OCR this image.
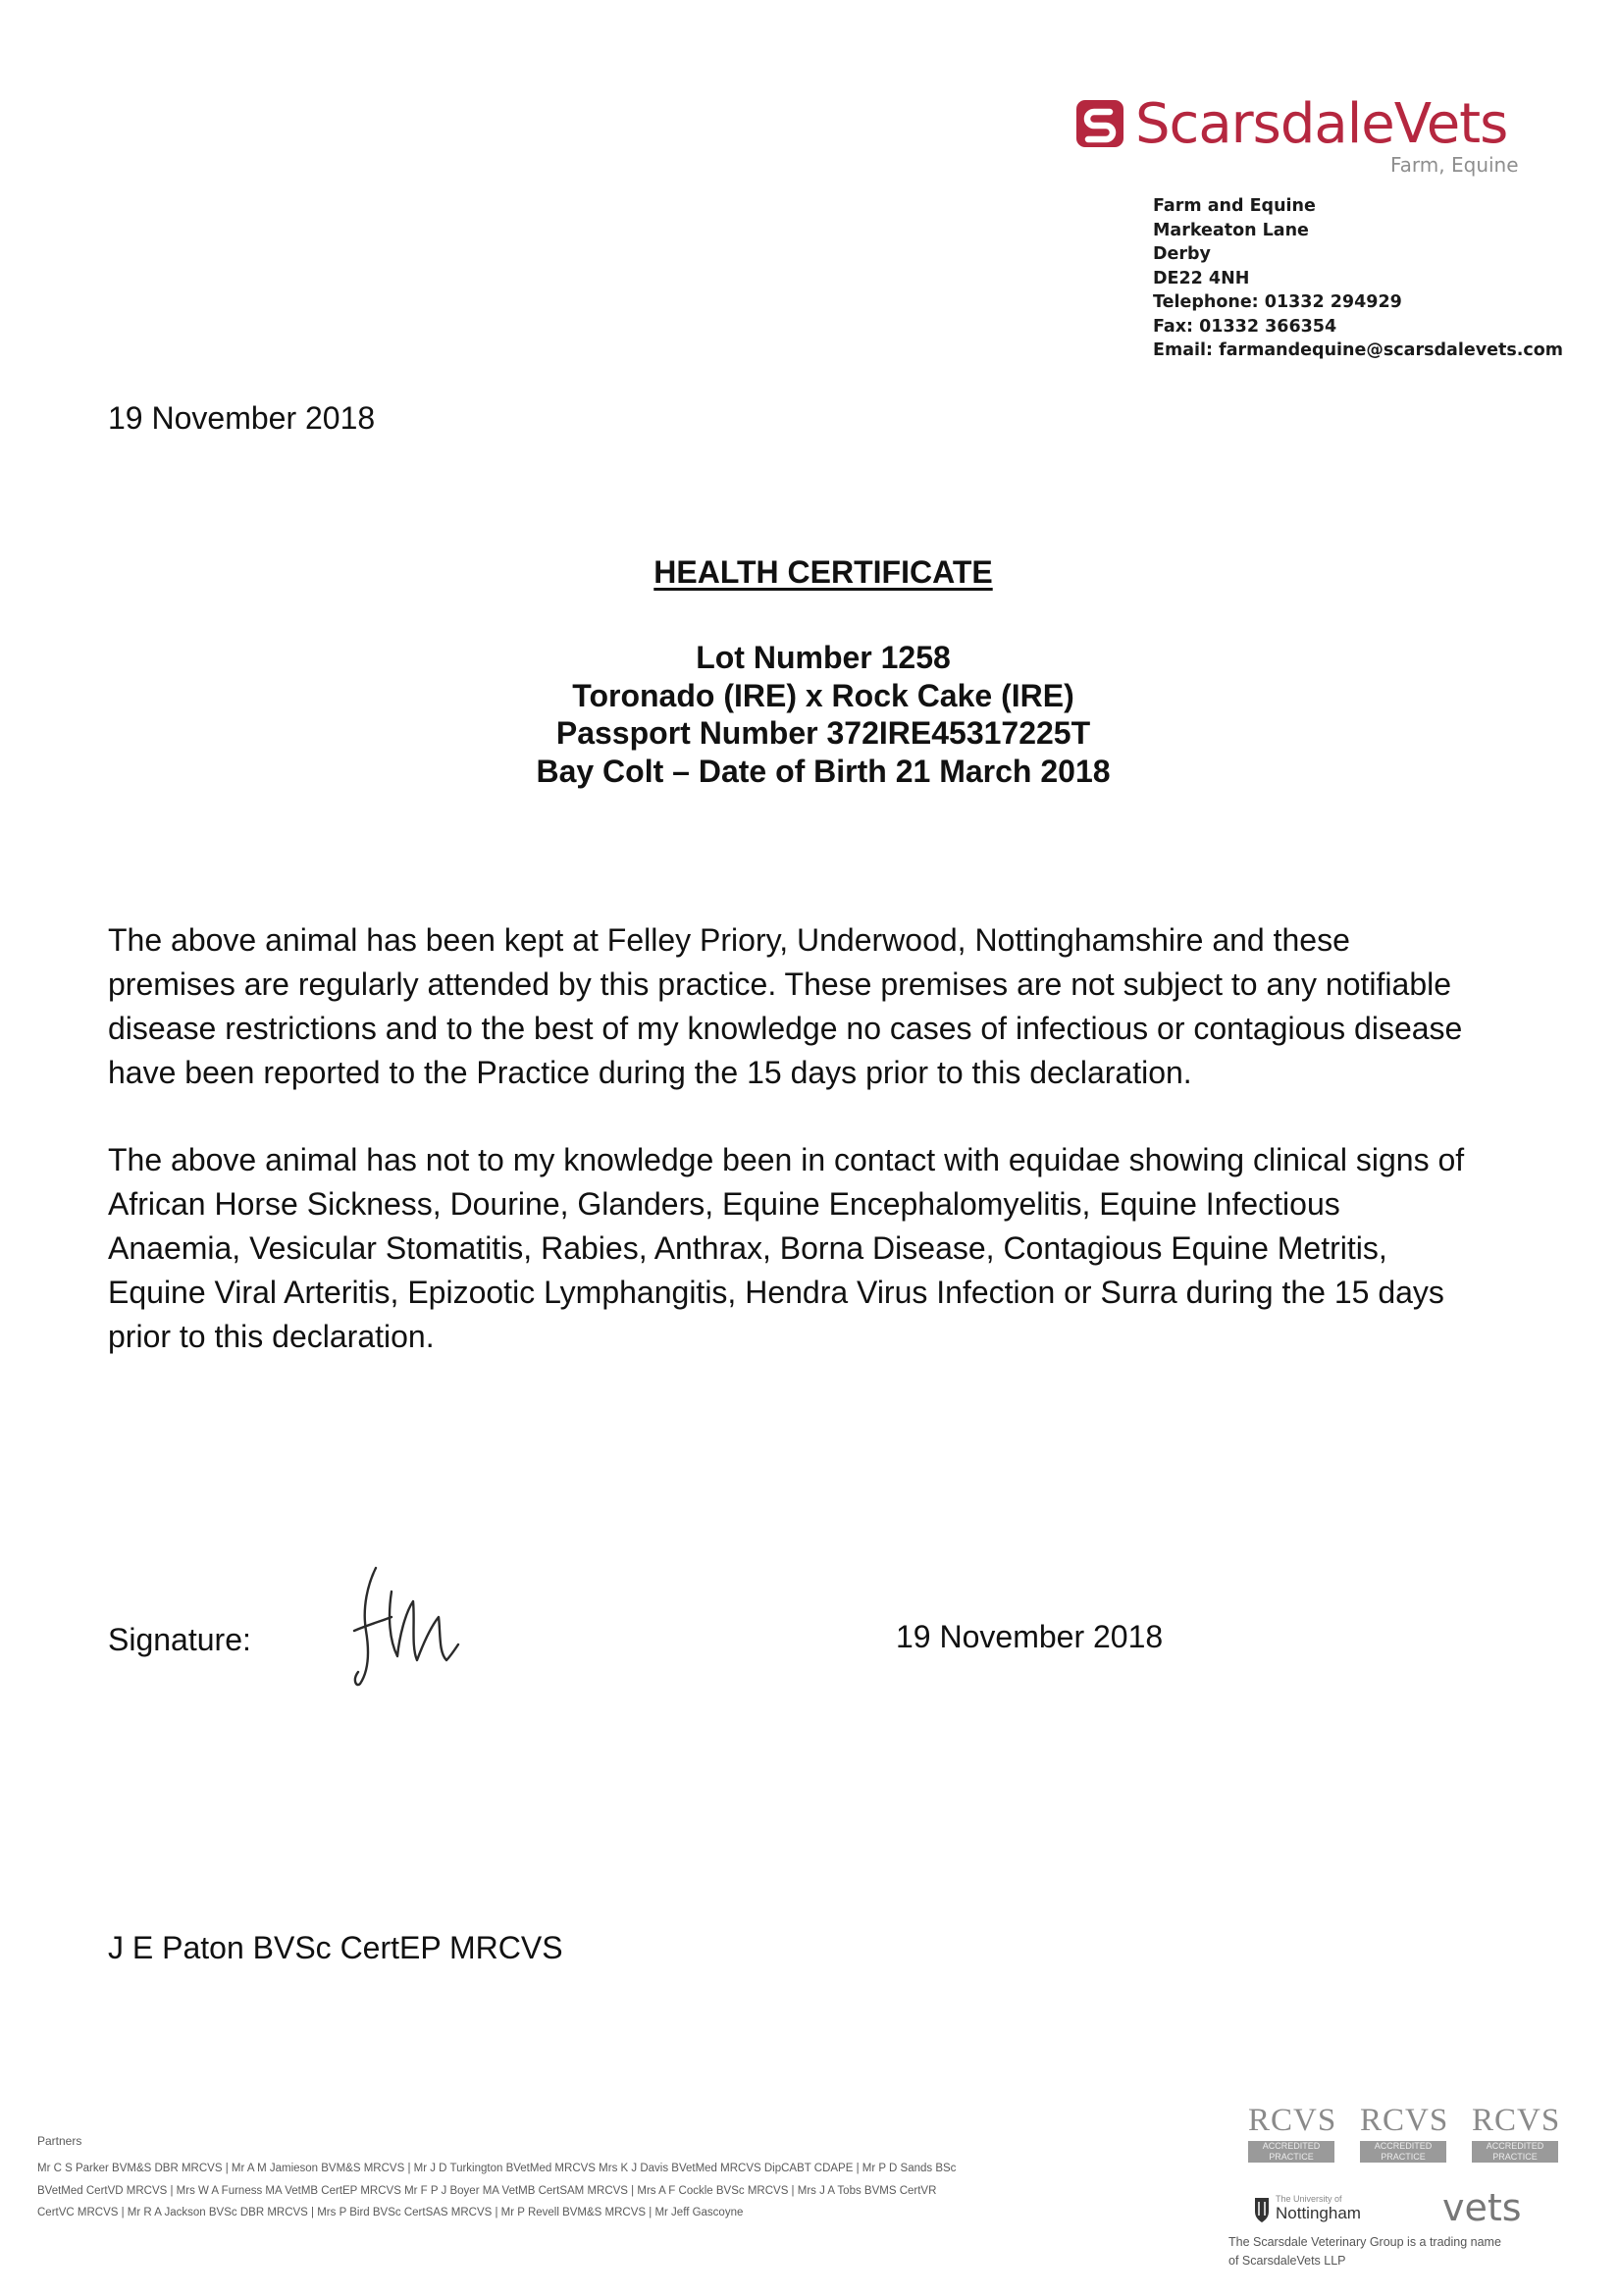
ScarsdaleVets
Farm, Equine
Farm and Equine
Markeaton Lane
Derby
DE22 4NH
Telephone: 01332 294929
Fax: 01332 366354
Email: farmandequine@scarsdalevets.com
19 November 2018
HEALTH CERTIFICATE
Lot Number 1258
Toronado (IRE) x Rock Cake (IRE)
Passport Number 372IRE45317225T
Bay Colt – Date of Birth 21 March 2018
The above animal has been kept at Felley Priory, Underwood, Nottinghamshire and these
premises are regularly attended by this practice. These premises are not subject to any notifiable
disease restrictions and to the best of my knowledge no cases of infectious or contagious disease
have been reported to the Practice during the 15 days prior to this declaration.
The above animal has not to my knowledge been in contact with equidae showing clinical signs of
African Horse Sickness, Dourine, Glanders, Equine Encephalomyelitis, Equine Infectious
Anaemia, Vesicular Stomatitis, Rabies, Anthrax, Borna Disease, Contagious Equine Metritis,
Equine Viral Arteritis, Epizootic Lymphangitis, Hendra Virus Infection or Surra during the 15 days
prior to this declaration.
Signature:	19 November 2018
J E Paton BVSc CertEP MRCVS
Partners
Mr C S Parker BVM&S DBR MRCVS | Mr A M Jamieson BVM&S MRCVS | Mr J D Turkington BVetMed MRCVS Mrs K J Davis BVetMed MRCVS DipCABT CDAPE | Mr P D Sands BSc
BVetMed CertVD MRCVS | Mrs W A Furness MA VetMB CertEP MRCVS Mr F P J Boyer MA VetMB CertSAM MRCVS | Mrs A F Cockle BVSc MRCVS | Mrs J A Tobs BVMS CertVR
CertVC MRCVS | Mr R A Jackson BVSc DBR MRCVS | Mrs P Bird BVSc CertSAS MRCVS | Mr P Revell BVM&S MRCVS | Mr Jeff Gascoyne
RCVS
ACCREDITED PRACTICE
RCVS
ACCREDITED PRACTICE
RCVS
ACCREDITED PRACTICE
The University of
Nottingham vets
The Scarsdale Veterinary Group is a trading name
of ScarsdaleVets LLP
